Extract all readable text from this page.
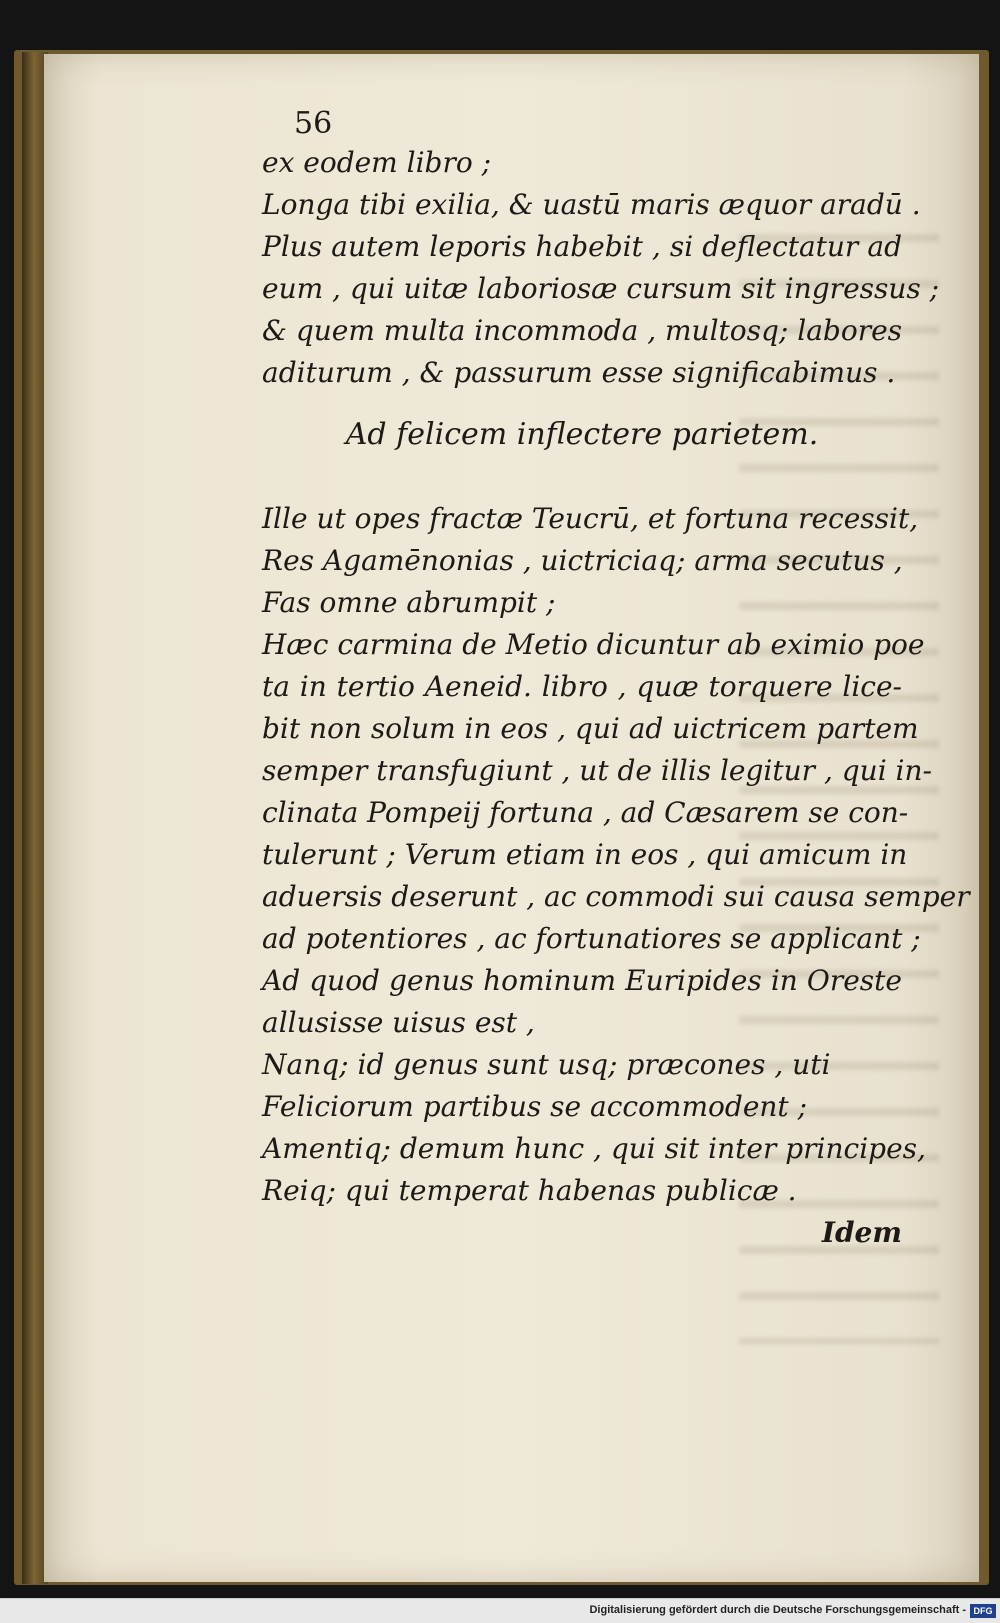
56
ex eodem libro ;
Longa tibi exilia, & uastū maris æquor aradū .
Plus autem leporis habebit , si deflectatur ad
eum , qui uitæ laboriosæ cursum sit ingressus ;
& quem multa incommoda , multosq; labores
aditurum , & passurum esse significabimus .
Ad felicem inflectere parietem.
Ille ut opes fractæ Teucrū, et fortuna recessit,
Res Agamēnonias , uictriciaq; arma secutus ,
Fas omne abrumpit ;
Hæc carmina de Metio dicuntur ab eximio poe
ta in tertio Aeneid. libro , quæ torquere lice-
bit non solum in eos , qui ad uictricem partem
semper transfugiunt , ut de illis legitur , qui in-
clinata Pompeij fortuna , ad Cæsarem se con-
tulerunt ; Verum etiam in eos , qui amicum in
aduersis deserunt , ac commodi sui causa semper
ad potentiores , ac fortunatiores se applicant ;
Ad quod genus hominum Euripides in Oreste
allusisse uisus est ,
Nanq; id genus sunt usq; præcones , uti
Feliciorum partibus se accommodent ;
Amentiq; demum hunc , qui sit inter principes,
Reiq; qui temperat habenas publicæ .
Idem
Digitalisierung gefördert durch die Deutsche Forschungsgemeinschaft - DFG
